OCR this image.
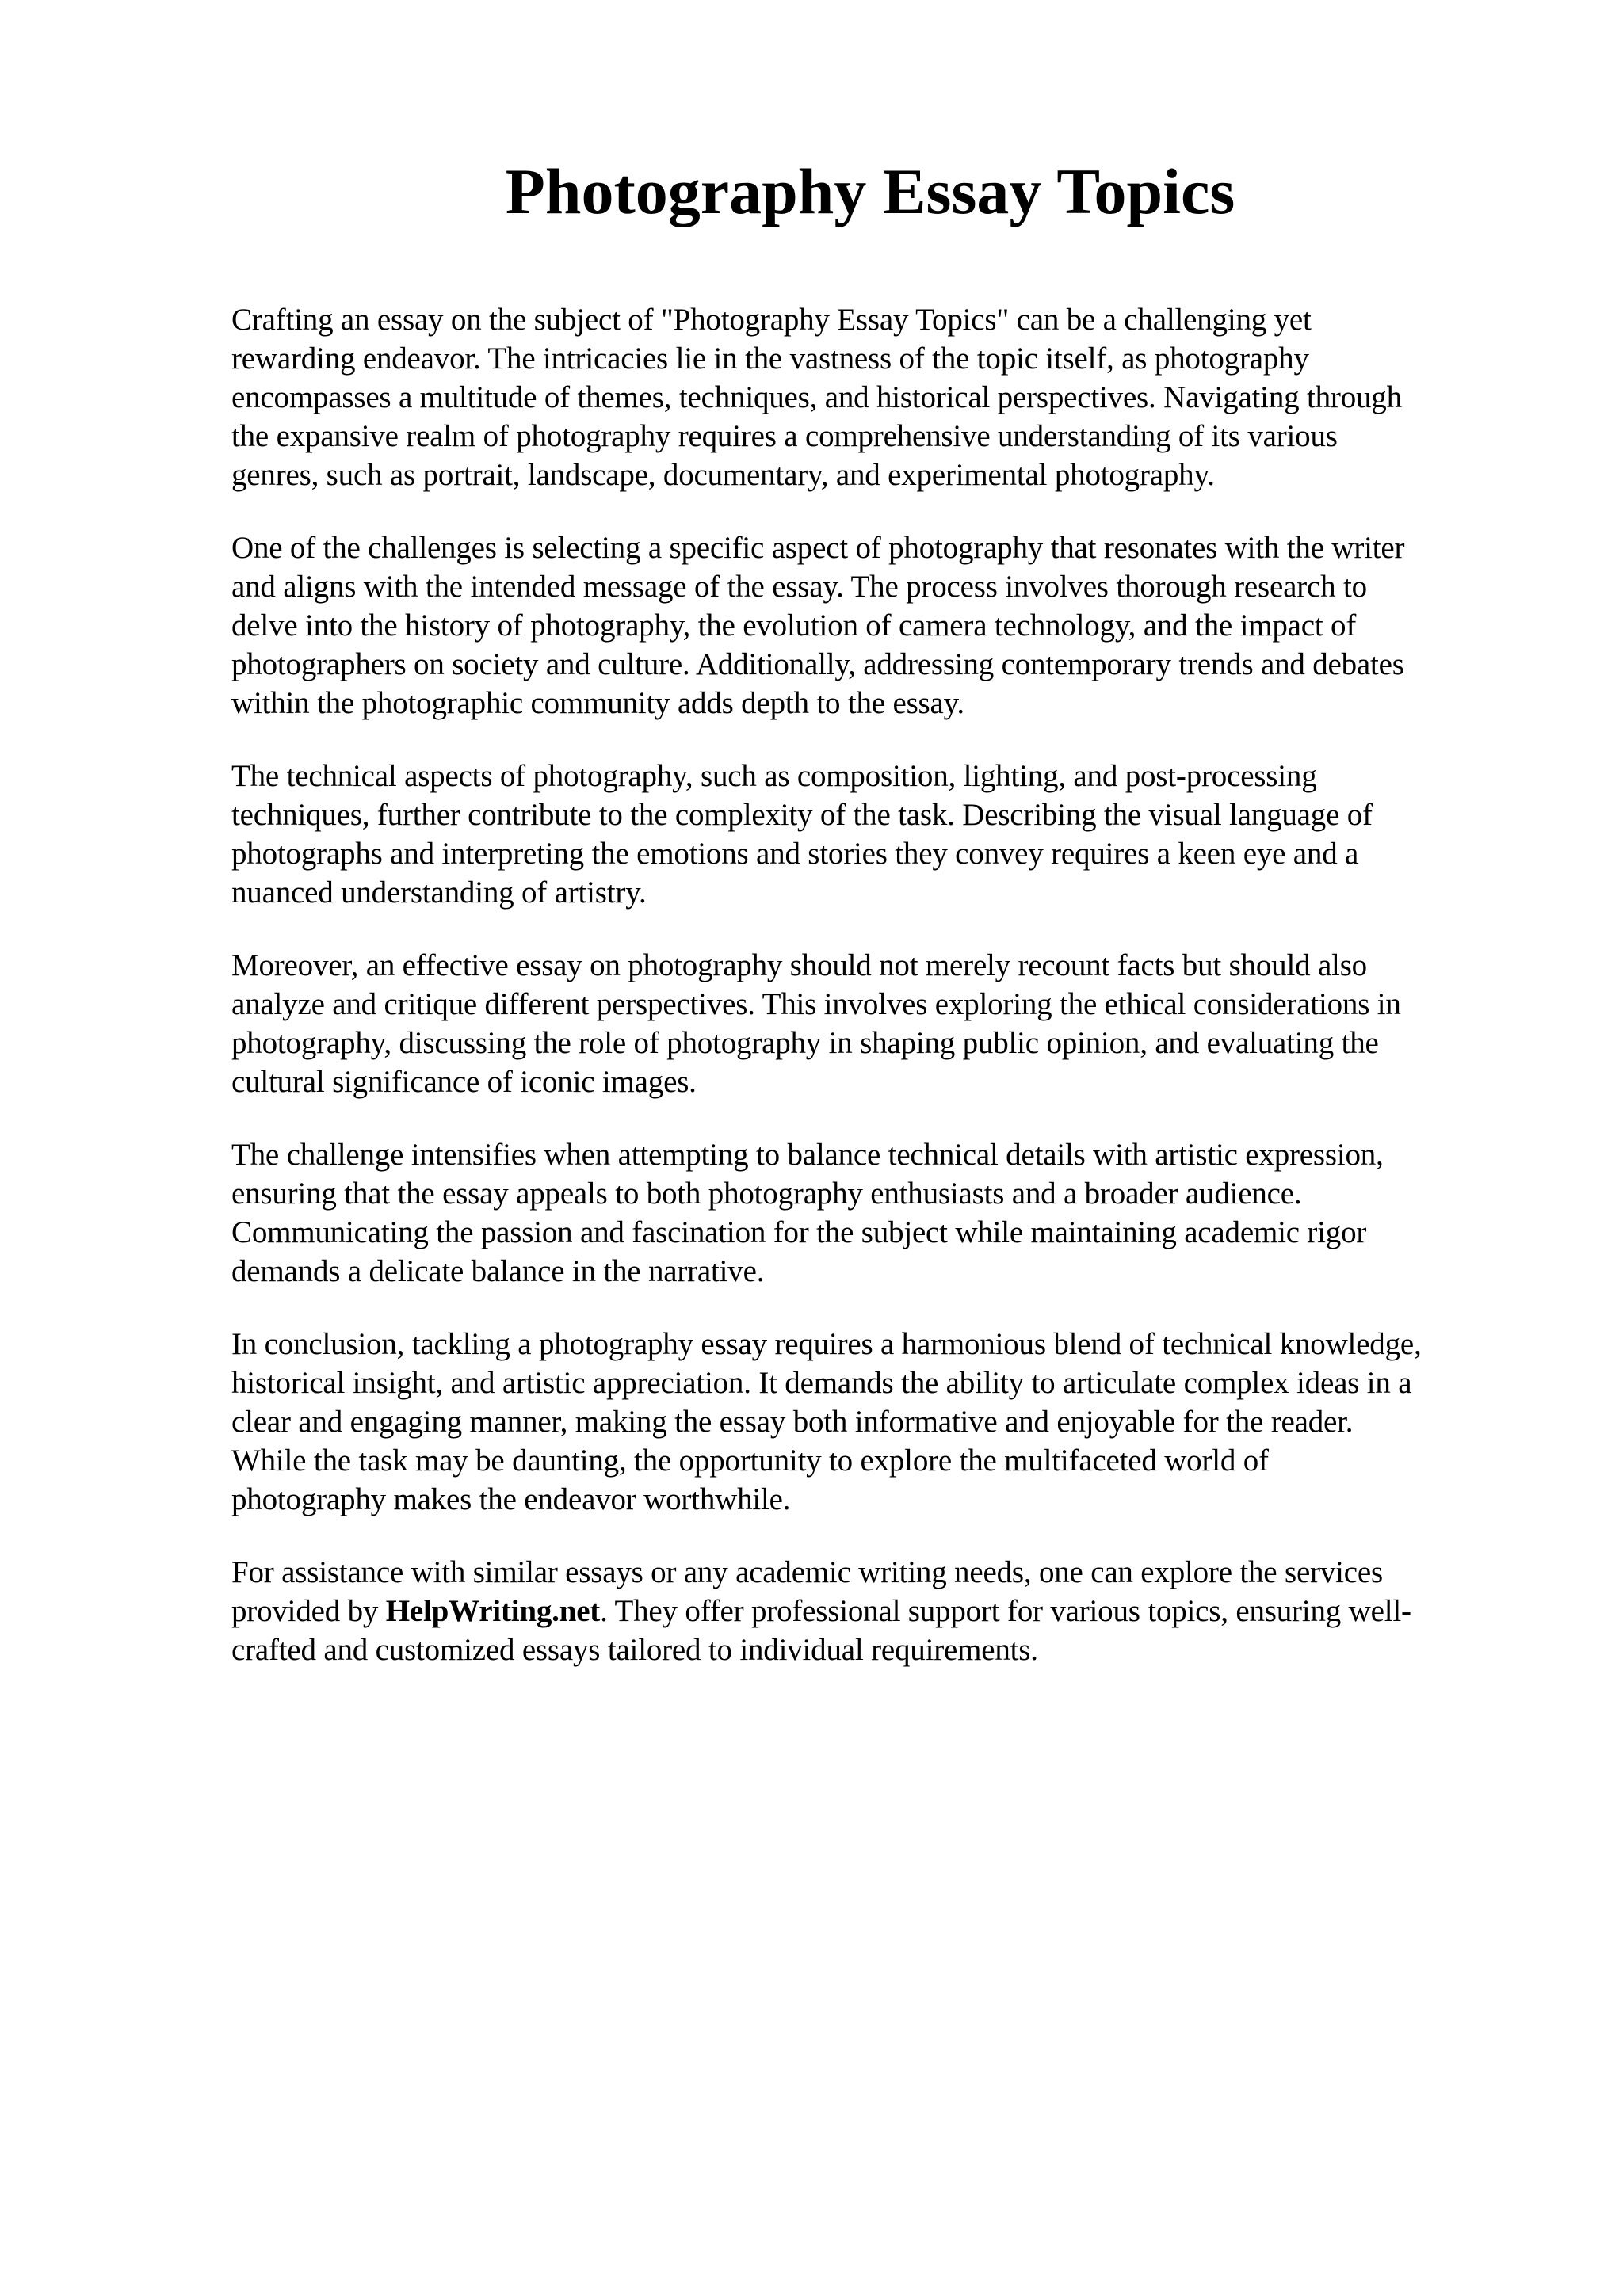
Photography Essay Topics

Crafting an essay on the subject of "Photography Essay Topics" can be a challenging yet
rewarding endeavor. The intricacies lie in the vastness of the topic itself, as photography
encompasses a multitude of themes, techniques, and historical perspectives. Navigating through
the expansive realm of photography requires a comprehensive understanding of its various
genres, such as portrait, landscape, documentary, and experimental photography.

One of the challenges is selecting a specific aspect of photography that resonates with the writer
and aligns with the intended message of the essay. The process involves thorough research to
delve into the history of photography, the evolution of camera technology, and the impact of
photographers on society and culture. Additionally, addressing contemporary trends and debates
within the photographic community adds depth to the essay.

The technical aspects of photography, such as composition, lighting, and post-processing
techniques, further contribute to the complexity of the task. Describing the visual language of
photographs and interpreting the emotions and stories they convey requires a keen eye and a
nuanced understanding of artistry.

Moreover, an effective essay on photography should not merely recount facts but should also
analyze and critique different perspectives. This involves exploring the ethical considerations in
photography, discussing the role of photography in shaping public opinion, and evaluating the
cultural significance of iconic images.

The challenge intensifies when attempting to balance technical details with artistic expression,
ensuring that the essay appeals to both photography enthusiasts and a broader audience.
Communicating the passion and fascination for the subject while maintaining academic rigor
demands a delicate balance in the narrative.

In conclusion, tackling a photography essay requires a harmonious blend of technical knowledge,
historical insight, and artistic appreciation. It demands the ability to articulate complex ideas in a
clear and engaging manner, making the essay both informative and enjoyable for the reader.
While the task may be daunting, the opportunity to explore the multifaceted world of
photography makes the endeavor worthwhile.

For assistance with similar essays or any academic writing needs, one can explore the services
provided by HelpWriting.net. They offer professional support for various topics, ensuring well-
crafted and customized essays tailored to individual requirements.
